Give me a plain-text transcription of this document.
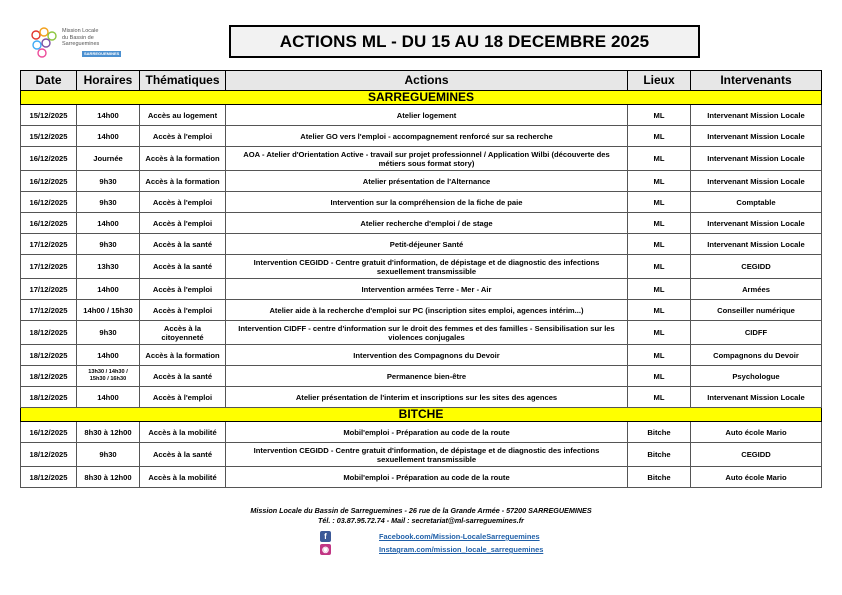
Mission Locale
du Bassin de
Sarreguemines
SARREGUEMINES
ACTIONS ML - DU 15 AU 18 DECEMBRE 2025
Date	Horaires	Thématiques	Actions	Lieux	Intervenants
SARREGUEMINES					
15/12/2025	14h00	Accès au logement	Atelier logement	ML	Intervenant Mission Locale
15/12/2025	14h00	Accès à l'emploi	Atelier GO vers l'emploi - accompagnement renforcé sur sa recherche	ML	Intervenant Mission Locale
16/12/2025	Journée	Accès à la formation	AOA - Atelier d'Orientation Active - travail sur projet professionnel / Application Wilbi (découverte des métiers sous format story)	ML	Intervenant Mission Locale
16/12/2025	9h30	Accès à la formation	Atelier présentation de l'Alternance	ML	Intervenant Mission Locale
16/12/2025	9h30	Accès à l'emploi	Intervention sur la compréhension de la fiche de paie	ML	Comptable
16/12/2025	14h00	Accès à l'emploi	Atelier recherche d'emploi / de stage	ML	Intervenant Mission Locale
17/12/2025	9h30	Accès à la santé	Petit-déjeuner Santé	ML	Intervenant Mission Locale
17/12/2025	13h30	Accès à la santé	Intervention CEGIDD - Centre gratuit d'information, de dépistage et de diagnostic des infections sexuellement transmissible	ML	CEGIDD
17/12/2025	14h00	Accès à l'emploi	Intervention armées Terre - Mer - Air	ML	Armées
17/12/2025	14h00 / 15h30	Accès à l'emploi	Atelier aide à la recherche d'emploi sur PC (inscription sites emploi, agences intérim...)	ML	Conseiller numérique
18/12/2025	9h30	Accès à la citoyenneté	Intervention CIDFF - centre d'information sur le droit des femmes et des familles - Sensibilisation sur les violences conjugales	ML	CIDFF
18/12/2025	14h00	Accès à la formation	Intervention des Compagnons du Devoir	ML	Compagnons du Devoir
18/12/2025	13h30 / 14h30 / 15h30 / 16h30	Accès à la santé	Permanence bien-être	ML	Psychologue
18/12/2025	14h00	Accès à l'emploi	Atelier présentation de l'interim et inscriptions sur les sites des agences	ML	Intervenant Mission Locale
BITCHE					
16/12/2025	8h30 à 12h00	Accès à la mobilité	Mobil'emploi - Préparation au code de la route	Bitche	Auto école Mario
18/12/2025	9h30	Accès à la santé	Intervention CEGIDD - Centre gratuit d'information, de dépistage et de diagnostic des infections sexuellement transmissible	Bitche	CEGIDD
18/12/2025	8h30 à 12h00	Accès à la mobilité	Mobil'emploi - Préparation au code de la route	Bitche	Auto école Mario
Mission Locale du Bassin de Sarreguemines - 26 rue de la Grande Armée - 57200 SARREGUEMINES
Tél. : 03.87.95.72.74 - Mail : secretariat@ml-sarreguemines.fr
f	Facebook.com/Mission-LocaleSarreguemines
◉	Instagram.com/mission_locale_sarreguemines
